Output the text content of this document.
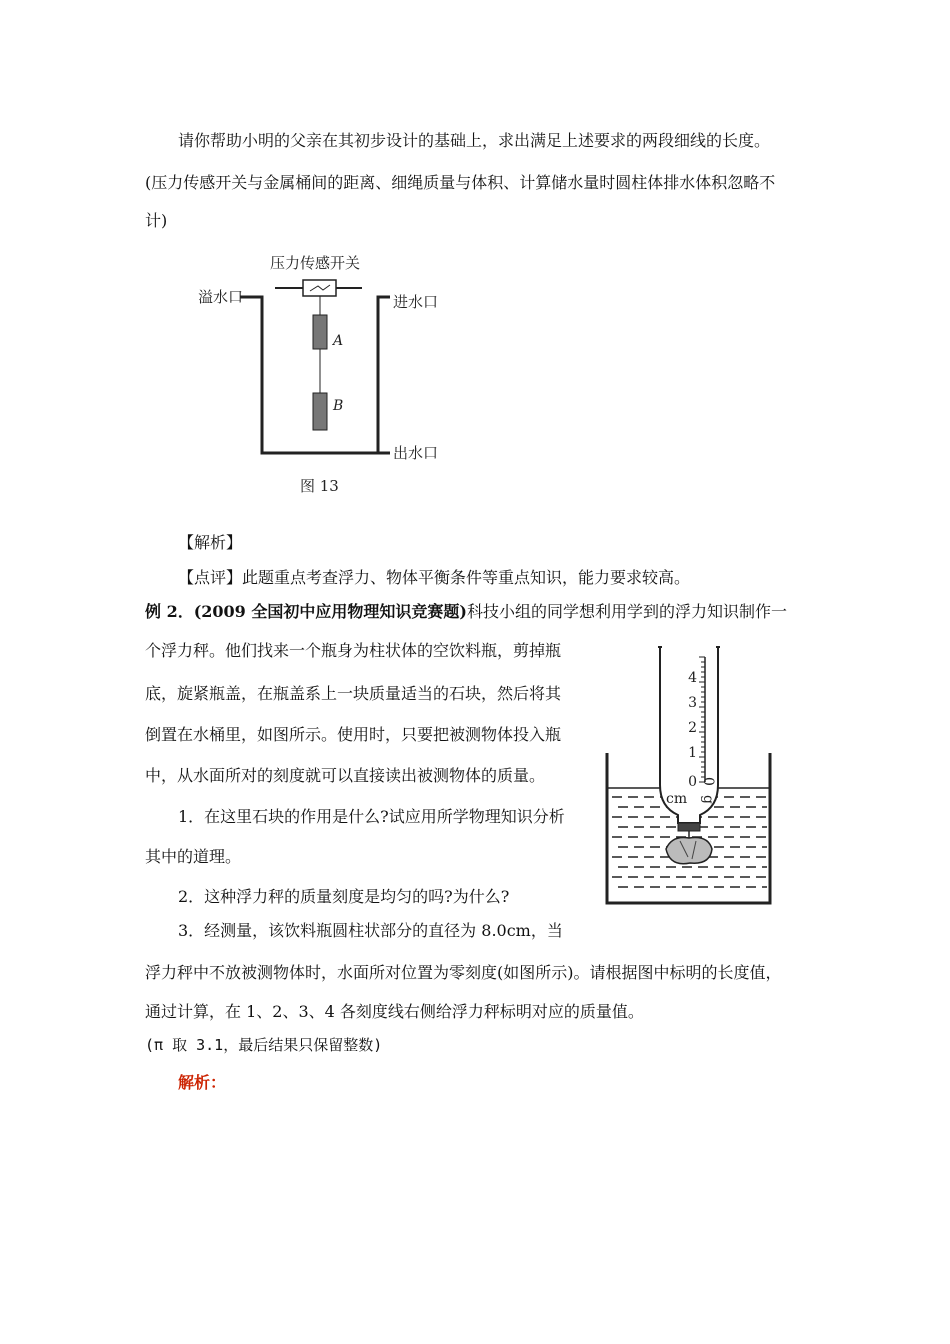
请你帮助小明的父亲在其初步设计的基础上，求出满足上述要求的两段细线的长度。
(压力传感开关与金属桶间的距离、细绳质量与体积、计算储水量时圆柱体排水体积忽略不
计)
压力传感开关
溢水口	进水口
出水口
A
B
图 13
【解析】
【点评】此题重点考查浮力、物体平衡条件等重点知识，能力要求较高。
例 2．(2009 全国初中应用物理知识竞赛题)科技小组的同学想利用学到的浮力知识制作一
个浮力秤。他们找来一个瓶身为柱状体的空饮料瓶，剪掉瓶
底，旋紧瓶盖，在瓶盖系上一块质量适当的石块，然后将其
倒置在水桶里，如图所示。使用时，只要把被测物体投入瓶
中，从水面所对的刻度就可以直接读出被测物体的质量。
1．在这里石块的作用是什么?试应用所学物理知识分析
其中的道理。
2．这种浮力秤的质量刻度是均匀的吗?为什么?
3．经测量，该饮料瓶圆柱状部分的直径为 8.0cm，当
浮力秤中不放被测物体时，水面所对位置为零刻度(如图所示)。请根据图中标明的长度值，
通过计算，在 1、2、3、4 各刻度线右侧给浮力秤标明对应的质量值。
(π 取 3.1，最后结果只保留整数)
解析：
4
3
2
1
0
cm
0
g
